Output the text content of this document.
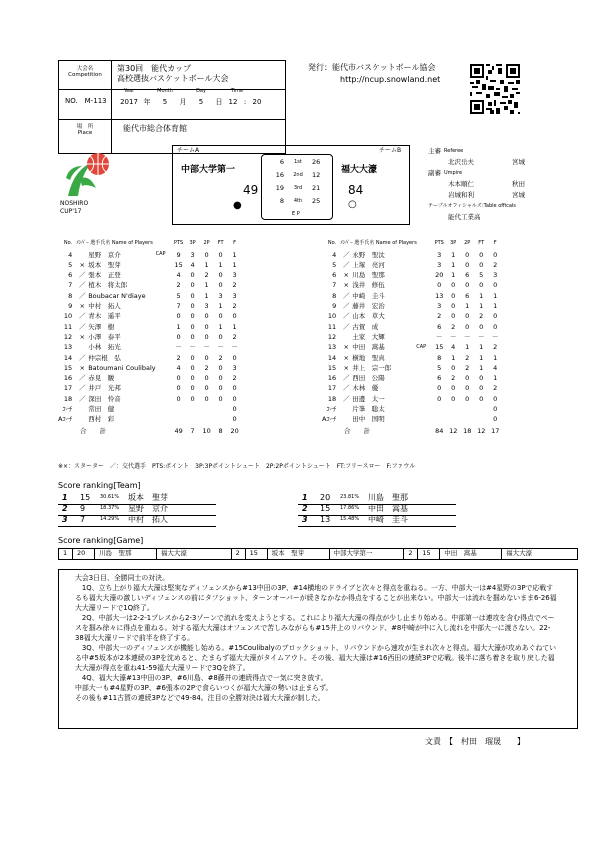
大会名
Competition
第30回　能代カップ
高校選抜バスケットボール大会
NO.　M-113
Year	Month	Day	Time
2017 年	5	月	5	日 12 : 20
場　所
Place
能代市総合体育館
発行：能代市バスケットボール協会
http://ncup.snowland.net
NOSHIRO
CUP'17
チームA	チームB
中部大学第一	福大大濠
49	84
●	○
6	1st	26
16	2nd	12
19	3rd	21
8	4th	25
E P
主審 Referee
北沢岳夫	宮城
副審 Umpire
木本順仁	秋田
岩城和利	宮城
テーブルオフィシャルズ :Table officals
能代工業高
No.	ﾒﾝﾊﾞｰ 選手氏名 Name of Players			PTS	3P	2P	FT	F
4		星野　京介	CAP	9	3	0	0	1
5	×	坂本　聖芽		15	4	1	1	1
6	／	張本　正登		4	0	2	0	3
7	／	植木　将太郎		2	0	1	0	2
8	／	Boubacar N'diaye		5	0	1	3	3
9	×	中村　拓人		7	0	3	1	2
10	／	青木　遥平		0	0	0	0	0
11	／	矢澤　樹		1	0	0	1	1
12	×	小澤　泰平		0	0	0	0	2
13		小林　拓光		－	－	－	－	－
14	／	仲宗根　弘		2	0	0	2	0
15	×	Batoumani Coulibaly		4	0	2	0	3
16	／	赤見　駿		0	0	0	0	2
17	／	井戸　光邦		0	0	0	0	0
18	／	深田　怜音		0	0	0	0	0
ｺｰﾁ		常田　健						0
Aｺｰﾁ		西村　彩						0
合　　計				49	7	10	8	20
No.	ﾒﾝﾊﾞｰ 選手氏名 Name of Players			PTS	3P	2P	FT	F
4	／	永野　聖汰		3	1	0	0	0
5	／	上塚　亮河		3	1	0	0	2
6	×	川島　聖那		20	1	6	5	3
7	×	浅井　修伍		0	0	0	0	0
8	／	中崎　圭斗		13	0	6	1	1
9	／	藤井　宏治		3	0	1	1	1
10	／	山本　草大		2	0	0	2	0
11	／	古賀　成		6	2	0	0	0
12		土家　大輝		－	－	－	－	－
13	×	中田　嵩基	CAP	15	4	1	1	2
14	×	横地　聖真		8	1	2	1	1
15	×	井上　宗一郎		5	0	2	1	4
16	／	西田　公陽		6	2	0	0	1
17	／	木林　優		0	0	0	0	2
18	／	田邊　太一		0	0	0	0	0
ｺｰﾁ		片峯　聡太						0
Aｺｰﾁ		田中　国明						0
合　　計				84	12	18	12	17
※×：スターター　／：交代選手　PTS:ポイント　3P:3Pポイントシュート　2P:2Pポイントシュート　FT:フリースロー　F:ファウル
Score ranking[Team]
1 15 30.61% 坂本　聖芽
2 9	18.37% 星野　京介
3 7	14.29% 中村　拓人
1 20 23.81% 川島　聖那
2 15 17.86% 中田　嵩基
3 13 15.48% 中崎　圭斗
Score ranking[Game]
1	20	川島　聖那	福大大濠	2	15	坂本　聖芽	中部大学第一	2	15	中田　嵩基	福大大濠

大会3日目、全勝同士の対決。

　1Q、立ち上がり福大大濠は堅実なディフェンスから#13中田の3P、#14横地のドライブと次々と得点を重ねる。一方、中部大一は#4星野の3Pで応戦するも福大大濠の激しいディフェンスの前にタフショット、ターンオーバーが続きなかなか得点をすることが出来ない。中部大一は流れを掴めないまま6-26福大大濠リードで1Q終了。

　2Q、中部大一は2-2-1プレスから2-3ゾーンで流れを変えようとする。これにより福大大濠の得点が少し止まり始める。中部第一は連攻を含む得点でペースを掴み徐々に得点を重ねる。対する福大大濠はオフェンスで苦しみながらも#15井上のリバウンド、#8中崎が中に入し流れを中部大一に渡さない。22-38福大大濠リードで前半を終了する。

　3Q、中部大一のディフェンスが機能し始める。#15Coulibalyのブロックショット、リバウンドから速攻が生まれ次々と得点。福大大濠が攻めあぐねている中#5坂本が2本連続の3Pを沈めると、たまらず福大大濠がタイムアウト。その後、福大大濠は#16西田の連続3Pで応戦。後半に落ち着きを取り戻した福大大濠が得点を重ね41-59福大大濠リードで3Qを終了。

　4Q、福大大濠#13中田の3P、#6川島、#8藤井の連続得点で一気に突き放す。

中部大一も#4星野の3P、#6張本の2Pで食らいつくが福大大濠の勢いは止まらず。

その後も#11古賀の連続3Pなどで49-84。注目の全勝対決は福大大濠が制した。

文責　【　村田　瑠晟　　】
